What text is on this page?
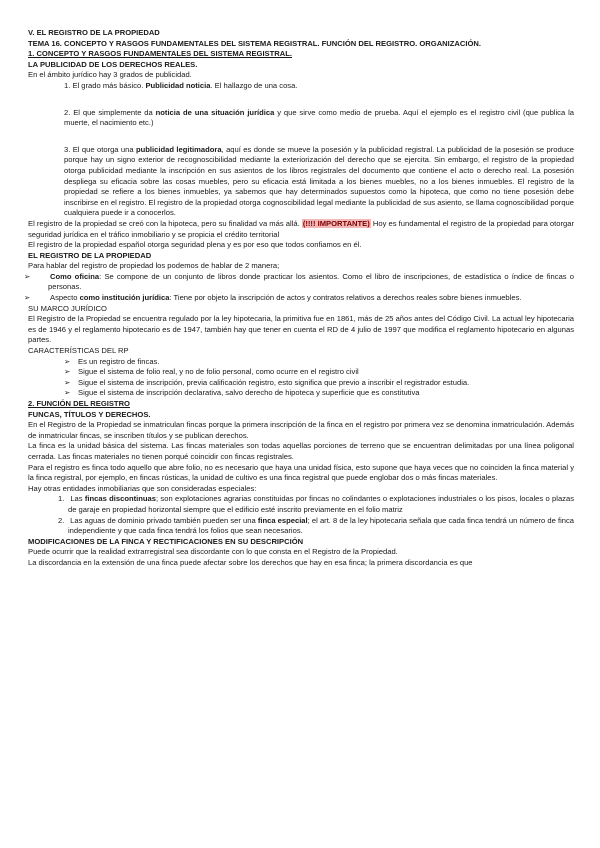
V. EL REGISTRO DE LA PROPIEDAD

TEMA 16. CONCEPTO Y RASGOS FUNDAMENTALES DEL SISTEMA REGISTRAL. FUNCIÓN DEL REGISTRO. ORGANIZACIÓN.

1. CONCEPTO Y RASGOS FUNDAMENTALES DEL SISTEMA REGISTRAL.

LA PUBLICIDAD DE LOS DERECHOS REALES.

En el ámbito jurídico hay 3 grados de publicidad.

1. El grado más básico. Publicidad noticia. El hallazgo de una cosa.

2. El que simplemente da noticia de una situación jurídica y que sirve como medio de prueba. Aquí el ejemplo es el registro civil (que publica la muerte, el nacimiento etc.)

3. El que otorga una publicidad legitimadora, aquí es donde se mueve la posesión y la publicidad registral. La publicidad de la posesión se produce porque hay un signo exterior de recognoscibilidad mediante la exteriorización del derecho que se ejercita. Sin embargo, el registro de la propiedad otorga publicidad mediante la inscripción en sus asientos de los libros registrales del documento que contiene el acto o derecho real. La posesión despliega su eficacia sobre las cosas muebles, pero su eficacia está limitada a los bienes muebles, no a los bienes inmuebles. El registro de la propiedad se refiere a los bienes inmuebles, ya sabemos que hay determinados supuestos como la hipoteca, que como no tiene posesión debe inscribirse en el registro. El registro de la propiedad otorga cognoscibilidad legal mediante la publicidad de sus asiento, se llama cognoscibilidad porque cualquiera puede ir a conocerlos.

El registro de la propiedad se creó con la hipoteca, pero su finalidad va más allá. (!!!! IMPORTANTE) Hoy es fundamental el registro de la propiedad para otorgar seguridad jurídica en el tráfico inmobiliario y se propicia el crédito territorial

El registro de la propiedad español otorga seguridad plena y es por eso que todos confiamos en él.

EL REGISTRO DE LA PROPIEDAD

Para hablar del registro de propiedad los podemos de hablar de 2 manera;

➢	Como oficina: Se compone de un conjunto de libros donde practicar los asientos. Como el libro de inscripciones, de estadística o índice de fincas o personas.

➢	Aspecto como institución jurídica: Tiene por objeto la inscripción de actos y contratos relativos a derechos reales sobre bienes inmuebles.

SU MARCO JURÍDICO

El Registro de la Propiedad se encuentra regulado por la ley hipotecaria, la primitiva fue en 1861, más de 25 años antes del Código Civil. La actual ley hipotecaria es de 1946 y el reglamento hipotecario es de 1947, también hay que tener en cuenta el RD de 4 julio de 1997 que modifica el reglamento hipotecario en algunas partes.

CARACTERÍSTICAS DEL RP

➢ Es un registro de fincas.

➢ Sigue el sistema de folio real, y no de folio personal, como ocurre en el registro civil

➢ Sigue el sistema de inscripción, previa calificación registro, esto significa que previo a inscribir el registrador estudia.

➢ Sigue el sistema de inscripción declarativa, salvo derecho de hipoteca y superficie que es constitutiva

2. FUNCIÓN DEL REGISTRO

FUNCAS, TÍTULOS Y DERECHOS.

En el Registro de la Propiedad se inmatriculan fincas porque la primera inscripción de la finca en el registro por primera vez se denomina inmatriculación. Además de inmatricular fincas, se inscriben títulos y se publican derechos.

La finca es la unidad básica del sistema. Las fincas materiales son todas aquellas porciones de terreno que se encuentran delimitadas por una línea poligonal cerrada. Las fincas materiales no tienen porqué coincidir con fincas registrales.

Para el registro es finca todo aquello que abre folio, no es necesario que haya una unidad física, esto supone que haya veces que no coinciden la finca material y la finca registral, por ejemplo, en fincas rústicas, la unidad de cultivo es una finca registral que puede englobar dos o más fincas materiales.

Hay otras entidades inmobiliarias que son consideradas especiales:

1. Las fincas discontinuas; son explotaciones agrarias constituidas por fincas no colindantes o explotaciones industriales o los pisos, locales o plazas de garaje en propiedad horizontal siempre que el edificio esté inscrito previamente en el folio matriz

2. Las aguas de dominio privado también pueden ser una finca especial; el art. 8 de la ley hipotecaria señala que cada finca tendrá un número de finca independiente y que cada finca tendrá los folios que sean necesarios.

MODIFICACIONES DE LA FINCA Y RECTIFICACIONES EN SU DESCRIPCIÓN

Puede ocurrir que la realidad extrarregistral sea discordante con lo que consta en el Registro de la Propiedad.

La discordancia en la extensión de una finca puede afectar sobre los derechos que hay en esa finca; la primera discordancia es que
